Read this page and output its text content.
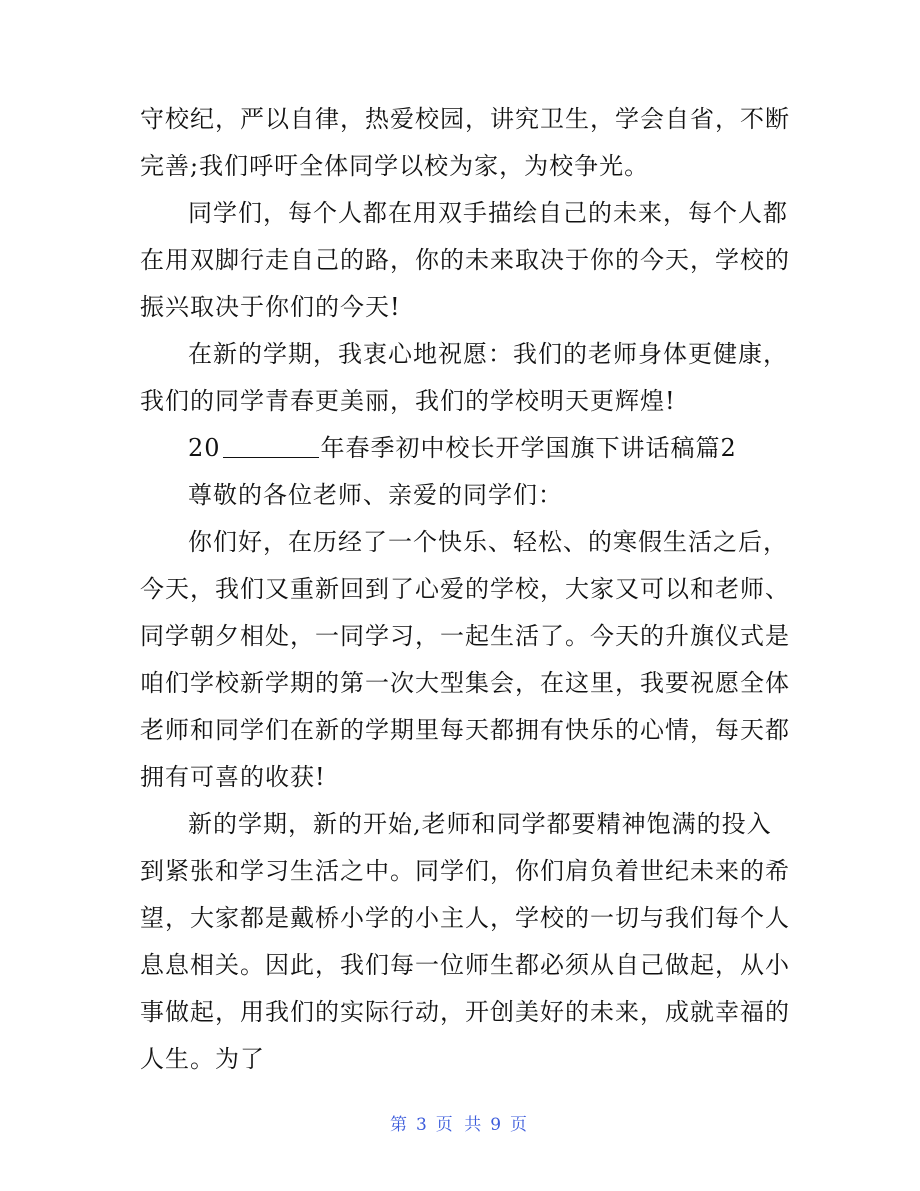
守校纪，严以自律，热爱校园，讲究卫生，学会自省，不断完善;我们呼吁全体同学以校为家，为校争光。

同学们，每个人都在用双手描绘自己的未来，每个人都在用双脚行走自己的路，你的未来取决于你的今天，学校的振兴取决于你们的今天!

在新的学期，我衷心地祝愿：我们的老师身体更健康，我们的同学青春更美丽，我们的学校明天更辉煌!

20	年春季初中校长开学国旗下讲话稿篇2

尊敬的各位老师、亲爱的同学们：

你们好，在历经了一个快乐、轻松、的寒假生活之后，今天，我们又重新回到了心爱的学校，大家又可以和老师、同学朝夕相处，一同学习，一起生活了。今天的升旗仪式是咱们学校新学期的第一次大型集会，在这里，我要祝愿全体老师和同学们在新的学期里每天都拥有快乐的心情，每天都拥有可喜的收获!

新的学期，新的开始,老师和同学都要精神饱满的投入到紧张和学习生活之中。同学们，你们肩负着世纪未来的希望，大家都是戴桥小学的小主人，学校的一切与我们每个人息息相关。因此，我们每一位师生都必须从自己做起，从小事做起，用我们的实际行动，开创美好的未来，成就幸福的人生。为了

第 3 页 共 9 页
